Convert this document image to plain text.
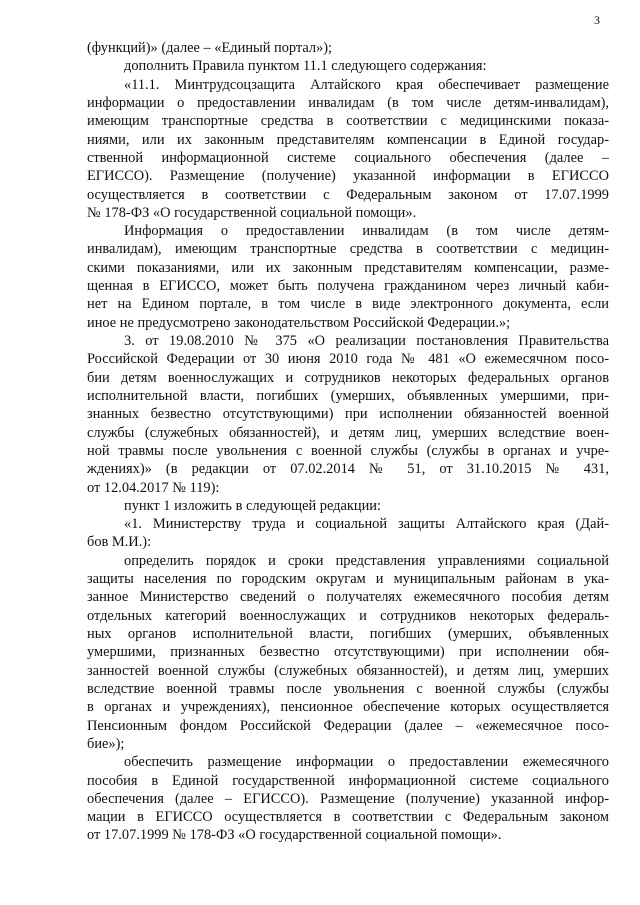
3
(функций)» (далее – «Единый портал»);
дополнить Правила пунктом 11.1 следующего содержания:
«11.1. Минтрудсоцзащита Алтайского края обеспечивает размещение
информации о предоставлении инвалидам (в том числе детям-инвалидам),
имеющим транспортные средства в соответствии с медицинскими показа-
ниями, или их законным представителям компенсации в Единой государ-
ственной информационной системе социального обеспечения (далее –
ЕГИССО). Размещение (получение) указанной информации в ЕГИССО
осуществляется в соответствии с Федеральным законом от 17.07.1999
№ 178-ФЗ «О государственной социальной помощи».
Информация о предоставлении инвалидам (в том числе детям-
инвалидам), имеющим транспортные средства в соответствии с медицин-
скими показаниями, или их законным представителям компенсации, разме-
щенная в ЕГИССО, может быть получена гражданином через личный каби-
нет на Едином портале, в том числе в виде электронного документа, если
иное не предусмотрено законодательством Российской Федерации.»;
3. от 19.08.2010 № 375 «О реализации постановления Правительства
Российской Федерации от 30 июня 2010 года № 481 «О ежемесячном посо-
бии детям военнослужащих и сотрудников некоторых федеральных органов
исполнительной власти, погибших (умерших, объявленных умершими, при-
знанных безвестно отсутствующими) при исполнении обязанностей военной
службы (служебных обязанностей), и детям лиц, умерших вследствие воен-
ной травмы после увольнения с военной службы (службы в органах и учре-
ждениях)» (в редакции от 07.02.2014 № 51, от 31.10.2015 № 431,
от 12.04.2017 № 119):
пункт 1 изложить в следующей редакции:
«1. Министерству труда и социальной защиты Алтайского края (Дай-
бов М.И.):
определить порядок и сроки представления управлениями социальной
защиты населения по городским округам и муниципальным районам в ука-
занное Министерство сведений о получателях ежемесячного пособия детям
отдельных категорий военнослужащих и сотрудников некоторых федераль-
ных органов исполнительной власти, погибших (умерших, объявленных
умершими, признанных безвестно отсутствующими) при исполнении обя-
занностей военной службы (служебных обязанностей), и детям лиц, умерших
вследствие военной травмы после увольнения с военной службы (службы
в органах и учреждениях), пенсионное обеспечение которых осуществляется
Пенсионным фондом Российской Федерации (далее – «ежемесячное посо-
бие»);
обеспечить размещение информации о предоставлении ежемесячного
пособия в Единой государственной информационной системе социального
обеспечения (далее – ЕГИССО). Размещение (получение) указанной инфор-
мации в ЕГИССО осуществляется в соответствии с Федеральным законом
от 17.07.1999 № 178-ФЗ «О государственной социальной помощи».
